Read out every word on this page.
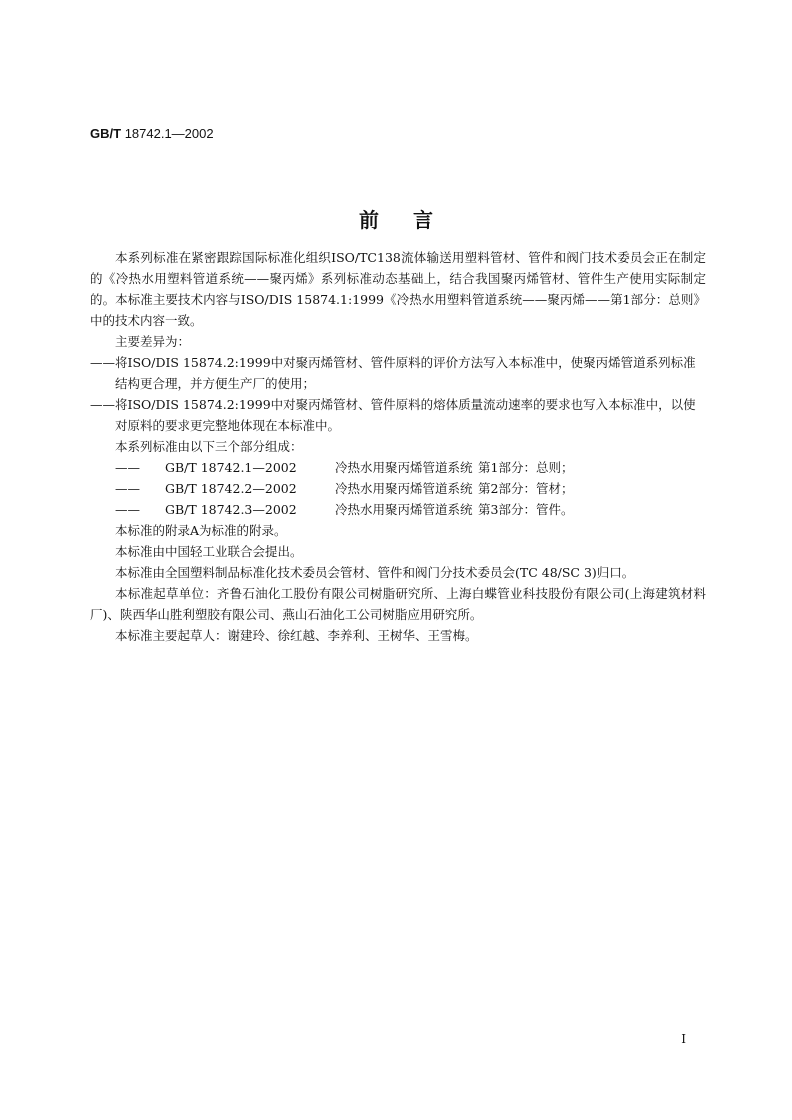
GB/T 18742.1—2002
前言

本系列标准在紧密跟踪国际标准化组织ISO/TC138流体输送用塑料管材、管件和阀门技术委员会正在制定的《冷热水用塑料管道系统——聚丙烯》系列标准动态基础上，结合我国聚丙烯管材、管件生产使用实际制定的。本标准主要技术内容与ISO/DIS 15874.1:1999《冷热水用塑料管道系统——聚丙烯——第1部分：总则》中的技术内容一致。

主要差异为：

——将ISO/DIS 15874.2:1999中对聚丙烯管材、管件原料的评价方法写入本标准中，使聚丙烯管道系列标准结构更合理，并方便生产厂的使用；

——将ISO/DIS 15874.2:1999中对聚丙烯管材、管件原料的熔体质量流动速率的要求也写入本标准中，以使对原料的要求更完整地体现在本标准中。

本系列标准由以下三个部分组成：

—— GB/T 18742.1—2002	冷热水用聚丙烯管道系统 第1部分：总则；

—— GB/T 18742.2—2002	冷热水用聚丙烯管道系统 第2部分：管材；

—— GB/T 18742.3—2002	冷热水用聚丙烯管道系统 第3部分：管件。

本标准的附录A为标准的附录。

本标准由中国轻工业联合会提出。

本标准由全国塑料制品标准化技术委员会管材、管件和阀门分技术委员会(TC 48/SC 3)归口。

本标准起草单位：齐鲁石油化工股份有限公司树脂研究所、上海白蝶管业科技股份有限公司(上海建筑材料厂)、陕西华山胜利塑胶有限公司、燕山石油化工公司树脂应用研究所。

本标准主要起草人：谢建玲、徐红越、李养利、王树华、王雪梅。

I
